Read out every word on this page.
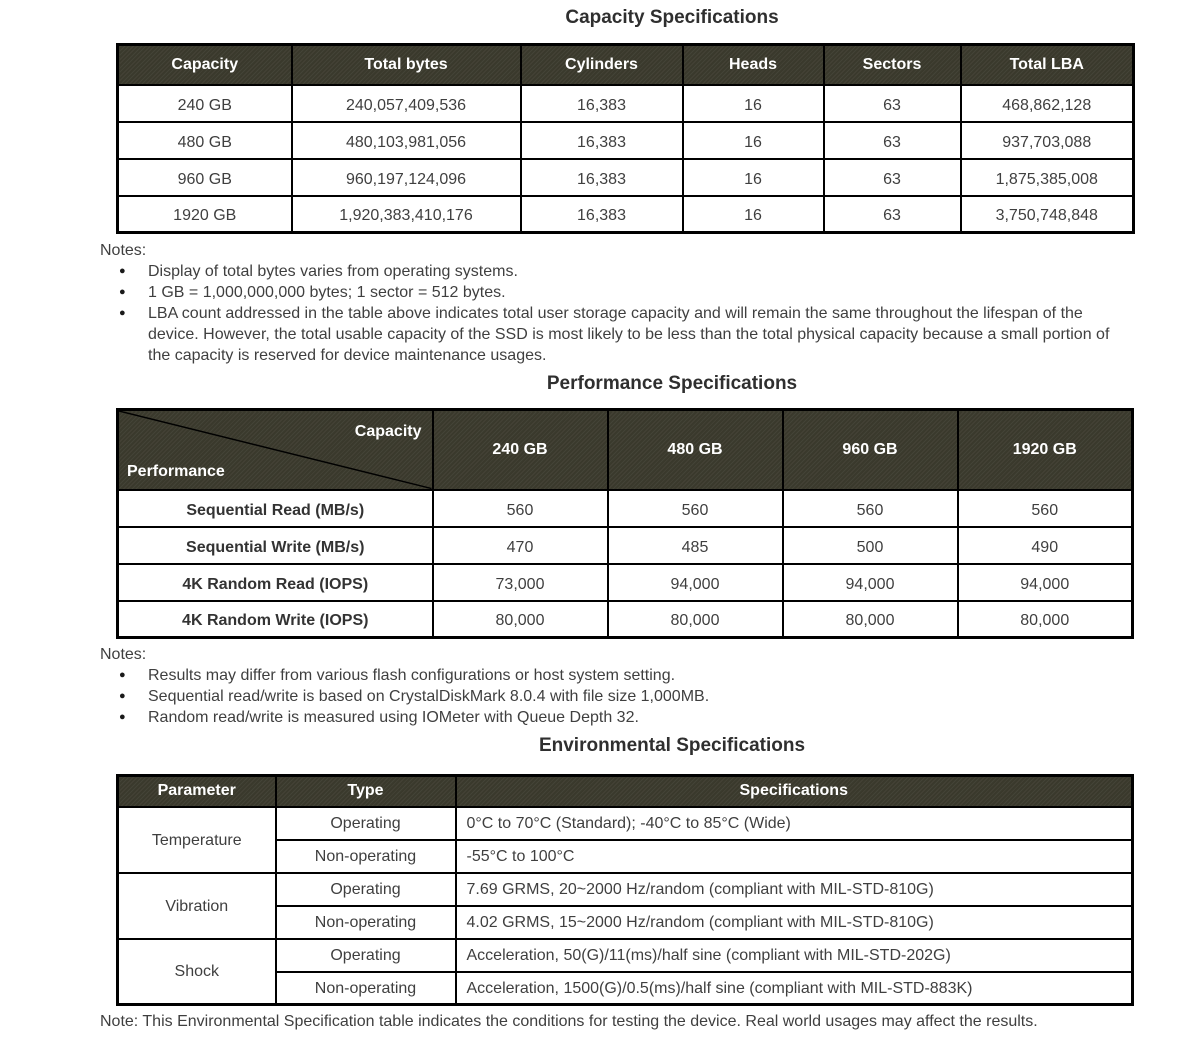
Capacity Specifications
Capacity	Total bytes	Cylinders	Heads	Sectors	Total LBA
240 GB	240,057,409,536	16,383	16	63	468,862,128
480 GB	480,103,981,056	16,383	16	63	937,703,088
960 GB	960,197,124,096	16,383	16	63	1,875,385,008
1920 GB	1,920,383,410,176	16,383	16	63	3,750,748,848
Notes:
●	Display of total bytes varies from operating systems.
●	1 GB = 1,000,000,000 bytes; 1 sector = 512 bytes.
●	LBA count addressed in the table above indicates total user storage capacity and will remain the same throughout the lifespan of the device. However, the total usable capacity of the SSD is most likely to be less than the total physical capacity because a small portion of the capacity is reserved for device maintenance usages.
Performance Specifications
Capacity
Performance	240 GB	480 GB	960 GB	1920 GB
Sequential Read (MB/s)	560	560	560	560
Sequential Write (MB/s)	470	485	500	490
4K Random Read (IOPS)	73,000	94,000	94,000	94,000
4K Random Write (IOPS)	80,000	80,000	80,000	80,000
Notes:
●	Results may differ from various flash configurations or host system setting.
●	Sequential read/write is based on CrystalDiskMark 8.0.4 with file size 1,000MB.
●	Random read/write is measured using IOMeter with Queue Depth 32.
Environmental Specifications
Parameter	Type	Specifications
Temperature	Operating	0°C to 70°C (Standard); -40°C to 85°C (Wide)
	Non-operating	-55°C to 100°C
Vibration	Operating	7.69 GRMS, 20~2000 Hz/random (compliant with MIL-STD-810G)
	Non-operating	4.02 GRMS, 15~2000 Hz/random (compliant with MIL-STD-810G)
Shock	Operating	Acceleration, 50(G)/11(ms)/half sine (compliant with MIL-STD-202G)
	Non-operating	Acceleration, 1500(G)/0.5(ms)/half sine (compliant with MIL-STD-883K)
Note: This Environmental Specification table indicates the conditions for testing the device. Real world usages may affect the results.
